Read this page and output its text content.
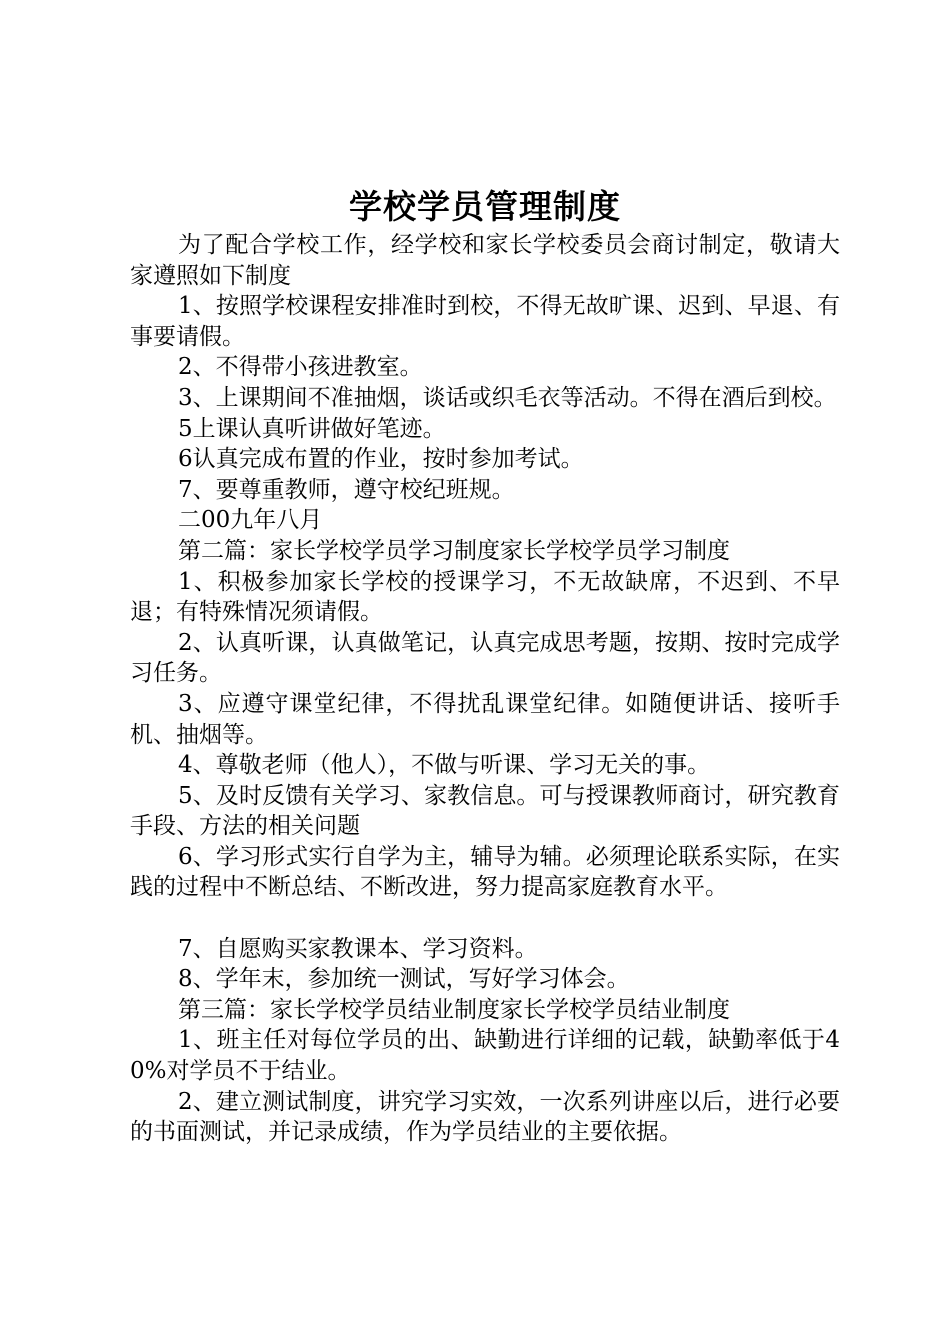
学校学员管理制度

为了配合学校工作，经学校和家长学校委员会商讨制定，敬请大家遵照如下制度

1、按照学校课程安排准时到校，不得无故旷课、迟到、早退、有事要请假。

2、不得带小孩进教室。

3、上课期间不准抽烟，谈话或织毛衣等活动。不得在酒后到校。

5上课认真听讲做好笔迹。

6认真完成布置的作业，按时参加考试。

7、要尊重教师，遵守校纪班规。

二00九年八月

第二篇：家长学校学员学习制度家长学校学员学习制度

1、积极参加家长学校的授课学习，不无故缺席，不迟到、不早退；有特殊情况须请假。

2、认真听课，认真做笔记，认真完成思考题，按期、按时完成学习任务。

3、应遵守课堂纪律，不得扰乱课堂纪律。如随便讲话、接听手机、抽烟等。

4、尊敬老师（他人），不做与听课、学习无关的事。

5、及时反馈有关学习、家教信息。可与授课教师商讨，研究教育手段、方法的相关问题

6、学习形式实行自学为主，辅导为辅。必须理论联系实际，在实践的过程中不断总结、不断改进，努力提高家庭教育水平。

7、自愿购买家教课本、学习资料。

8、学年末，参加统一测试，写好学习体会。

第三篇：家长学校学员结业制度家长学校学员结业制度

1、班主任对每位学员的出、缺勤进行详细的记载，缺勤率低于40%对学员不于结业。

2、建立测试制度，讲究学习实效，一次系列讲座以后，进行必要的书面测试，并记录成绩，作为学员结业的主要依据。
